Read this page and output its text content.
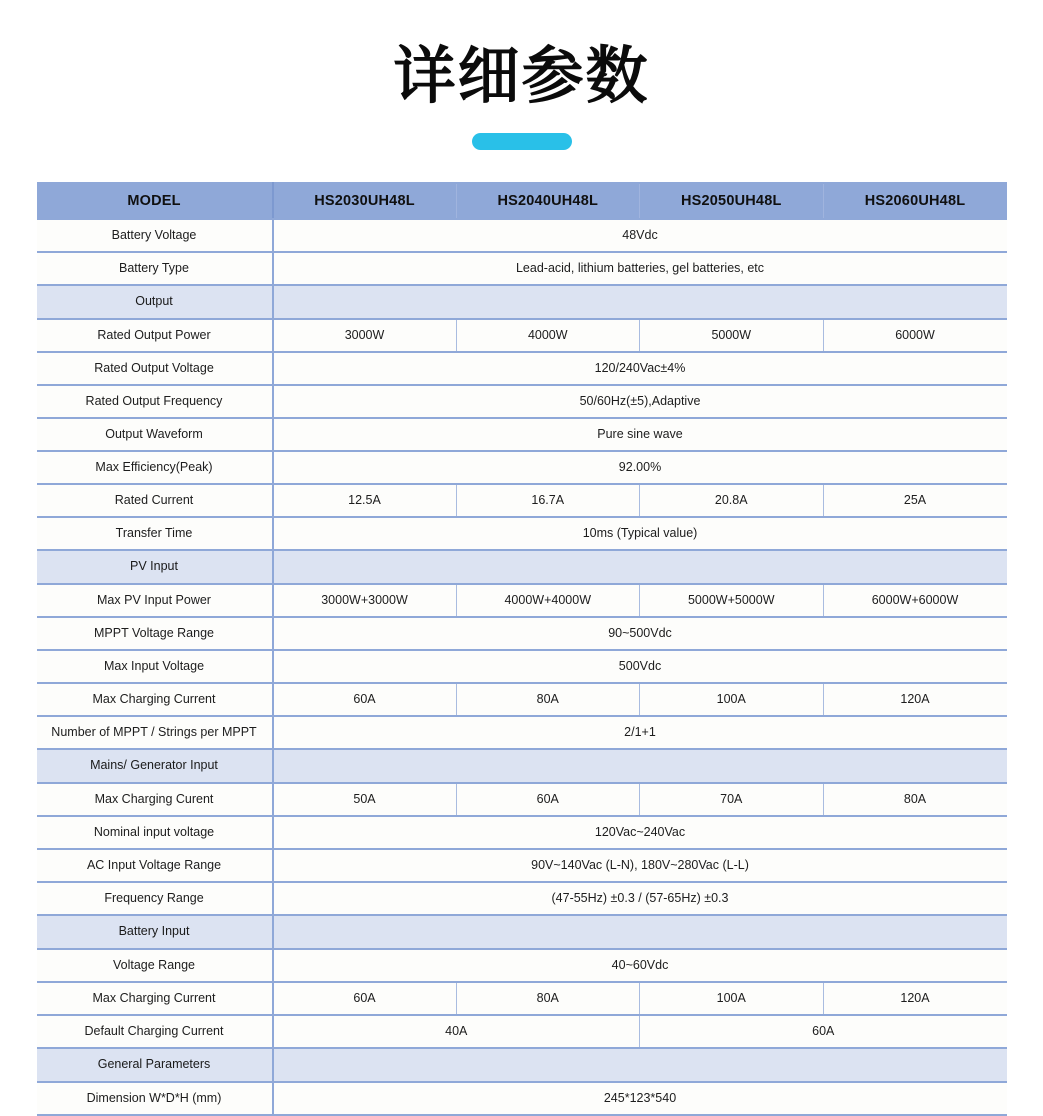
详细参数
MODEL	HS2030UH48L	HS2040UH48L	HS2050UH48L	HS2060UH48L
Battery Voltage	48Vdc			
Battery Type	Lead-acid, lithium batteries, gel batteries, etc			
Output				
Rated Output Power	3000W	4000W	5000W	6000W
Rated Output Voltage	120/240Vac±4%			
Rated Output Frequency	50/60Hz(±5),Adaptive			
Output Waveform	Pure sine wave			
Max Efficiency(Peak)	92.00%			
Rated Current	12.5A	16.7A	20.8A	25A
Transfer Time	10ms (Typical value)			
PV Input				
Max PV Input Power	3000W+3000W	4000W+4000W	5000W+5000W	6000W+6000W
MPPT Voltage Range	90~500Vdc			
Max Input Voltage	500Vdc			
Max Charging Current	60A	80A	100A	120A
Number of MPPT / Strings per MPPT	2/1+1			
Mains/ Generator Input				
Max Charging Curent	50A	60A	70A	80A
Nominal input voltage	120Vac~240Vac			
AC Input Voltage Range	90V~140Vac (L-N), 180V~280Vac (L-L)			
Frequency Range	(47-55Hz) ±0.3 / (57-65Hz) ±0.3			
Battery Input				
Voltage Range	40~60Vdc			
Max Charging Current	60A	80A	100A	120A
Default Charging Current	40A		60A	
General Parameters				
Dimension W*D*H (mm)	245*123*540			
